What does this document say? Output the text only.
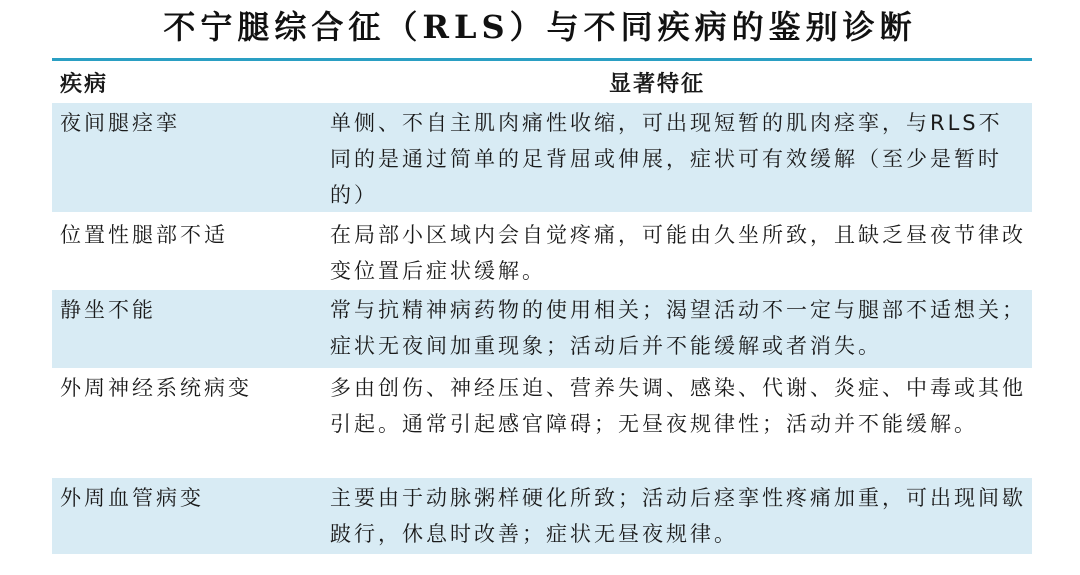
不宁腿综合征（RLS）与不同疾病的鉴别诊断
疾病	显著特征
夜间腿痉挛	单侧、不自主肌肉痛性收缩，可出现短暂的肌肉痉挛，与RLS不同的是通过简单的足背屈或伸展，症状可有效缓解（至少是暂时的）
位置性腿部不适	在局部小区域内会自觉疼痛，可能由久坐所致，且缺乏昼夜节律改变位置后症状缓解。
静坐不能	常与抗精神病药物的使用相关；渴望活动不一定与腿部不适想关；症状无夜间加重现象；活动后并不能缓解或者消失。
外周神经系统病变	多由创伤、神经压迫、营养失调、感染、代谢、炎症、中毒或其他引起。通常引起感官障碍；无昼夜规律性；活动并不能缓解。
外周血管病变	主要由于动脉粥样硬化所致；活动后痉挛性疼痛加重，可出现间歇跛行，休息时改善；症状无昼夜规律。
